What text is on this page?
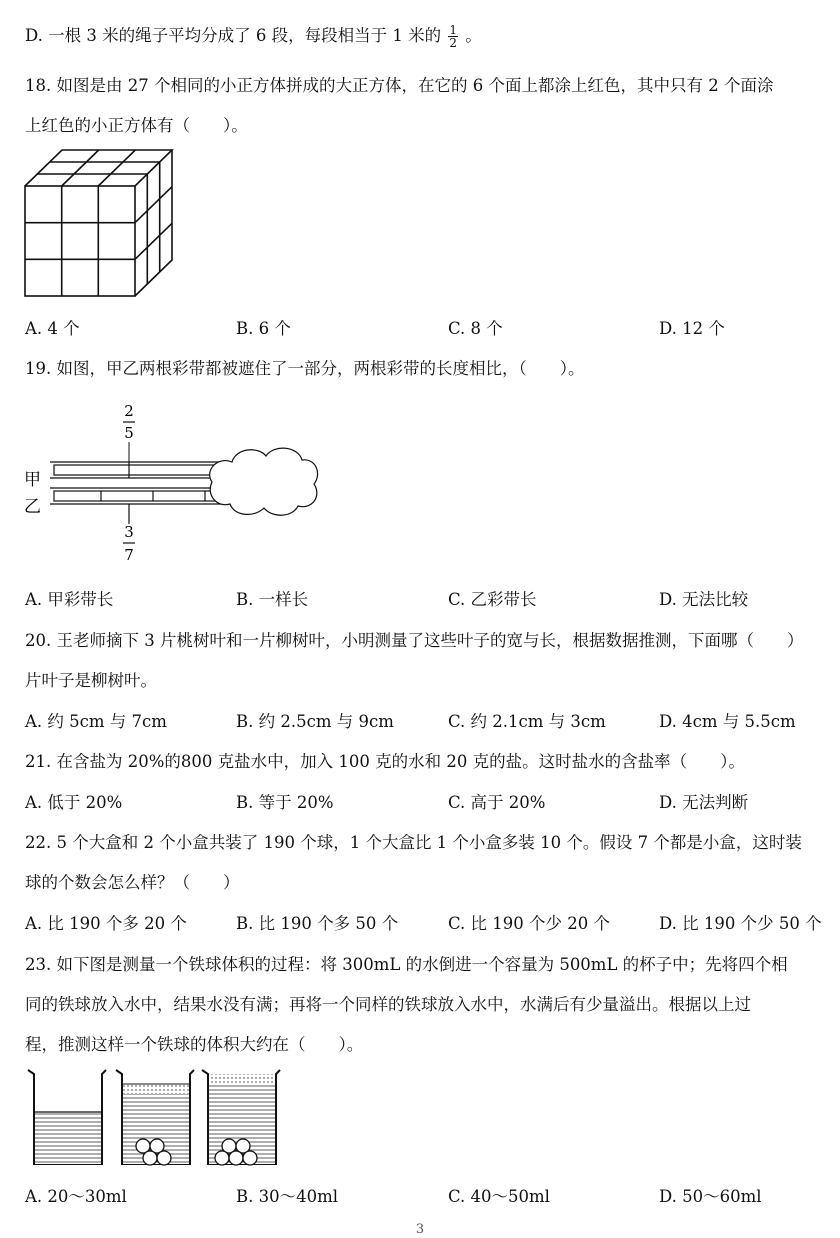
D. 一根 3 米的绳子平均分成了 6 段，每段相当于 1 米的 $\frac{1}{2}$ 。
18. 如图是由 27 个相同的小正方体拼成的大正方体，在它的 6 个面上都涂上红色，其中只有 2 个面涂
上红色的小正方体有（　　）。
A. 4 个	B. 6 个	C. 8 个	D. 12 个
19. 如图，甲乙两根彩带都被遮住了一部分，两根彩带的长度相比，（　　）。
2
5
甲
乙
3
7
A. 甲彩带长	B. 一样长	C. 乙彩带长	D. 无法比较
20. 王老师摘下 3 片桃树叶和一片柳树叶，小明测量了这些叶子的宽与长，根据数据推测，下面哪（　　）
片叶子是柳树叶。
A. 约 5cm 与 7cm	B. 约 2.5cm 与 9cm	C. 约 2.1cm 与 3cm	D. 4cm 与 5.5cm
21. 在含盐为 20%的800 克盐水中，加入 100 克的水和 20 克的盐。这时盐水的含盐率（　　）。
A. 低于 20%	B. 等于 20%	C. 高于 20%	D. 无法判断
22. 5 个大盒和 2 个小盒共装了 190 个球，1 个大盒比 1 个小盒多装 10 个。假设 7 个都是小盒，这时装
球的个数会怎么样？（　　）
A. 比 190 个多 20 个	B. 比 190 个多 50 个	C. 比 190 个少 20 个	D. 比 190 个少 50 个
23. 如下图是测量一个铁球体积的过程：将 300mL 的水倒进一个容量为 500mL 的杯子中；先将四个相
同的铁球放入水中，结果水没有满；再将一个同样的铁球放入水中，水满后有少量溢出。根据以上过
程，推测这样一个铁球的体积大约在（　　）。
A. 20～30ml	B. 30～40ml	C. 40～50ml	D. 50～60ml
3
